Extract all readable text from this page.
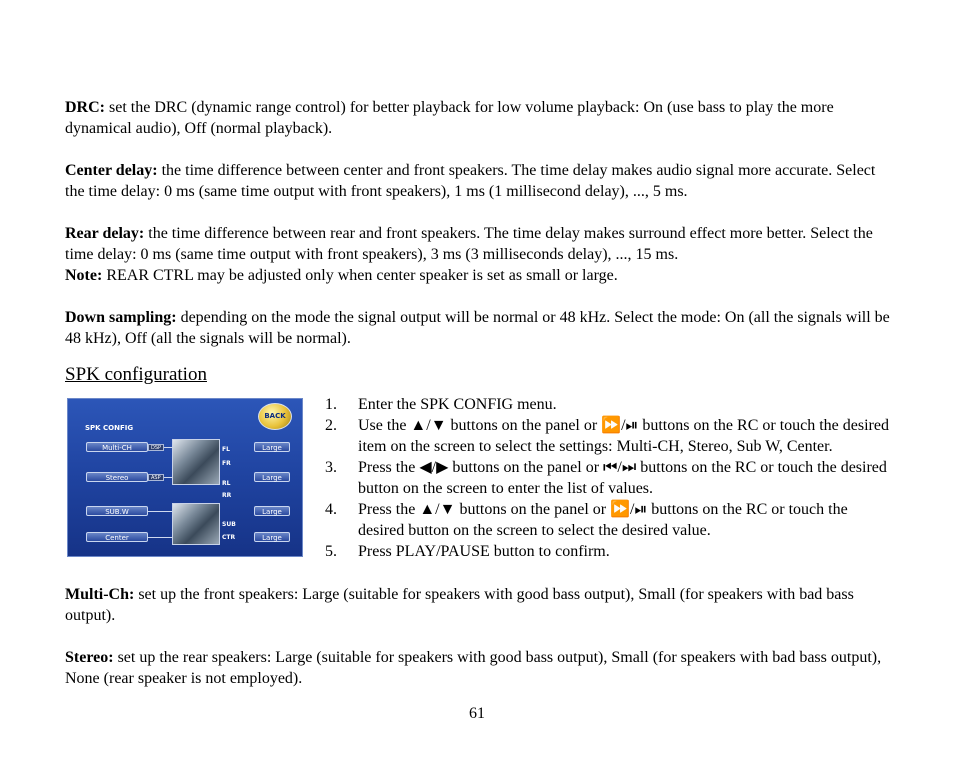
DRC: set the DRC (dynamic range control) for better playback for low volume playback: On (use bass to play the more dynamical audio), Off (normal playback).

Center delay: the time difference between center and front speakers. The time delay makes audio signal more accurate. Select the time delay: 0 ms (same time output with front speakers), 1 ms (1 millisecond delay), ..., 5 ms.

Rear delay: the time difference between rear and front speakers. The time delay makes surround effect more better. Select the time delay: 0 ms (same time output with front speakers), 3 ms (3 milliseconds delay), ..., 15 ms.

Note: REAR CTRL may be adjusted only when center speaker is set as small or large.

Down sampling: depending on the mode the signal output will be normal or 48 kHz. Select the mode: On (all the signals will be 48 kHz), Off (all the signals will be normal).

SPK configuration
SPK CONFIG
BACK
Multi-CH	DSP
Stereo	ASP
SUB.W
Center
FL
FR
RL
RR
SUB
CTR
Large
Large
Large
Large
1. Enter the SPK CONFIG menu.
2. Use the ▲/▼ buttons on the panel or ⏩/⏯ buttons on the RC or touch the desired item on the screen to select the settings: Multi-CH, Stereo, Sub W, Center.
3. Press the ◀/▶ buttons on the panel or ⏮/⏭ buttons on the RC or touch the desired button on the screen to enter the list of values.
4. Press the ▲/▼ buttons on the panel or ⏩/⏯ buttons on the RC or touch the desired button on the screen to select the desired value.
5. Press PLAY/PAUSE button to confirm.

Multi-Ch: set up the front speakers: Large (suitable for speakers with good bass output), Small (for speakers with bad bass output).

Stereo: set up the rear speakers: Large (suitable for speakers with good bass output), Small (for speakers with bad bass output), None (rear speaker is not employed).

61
